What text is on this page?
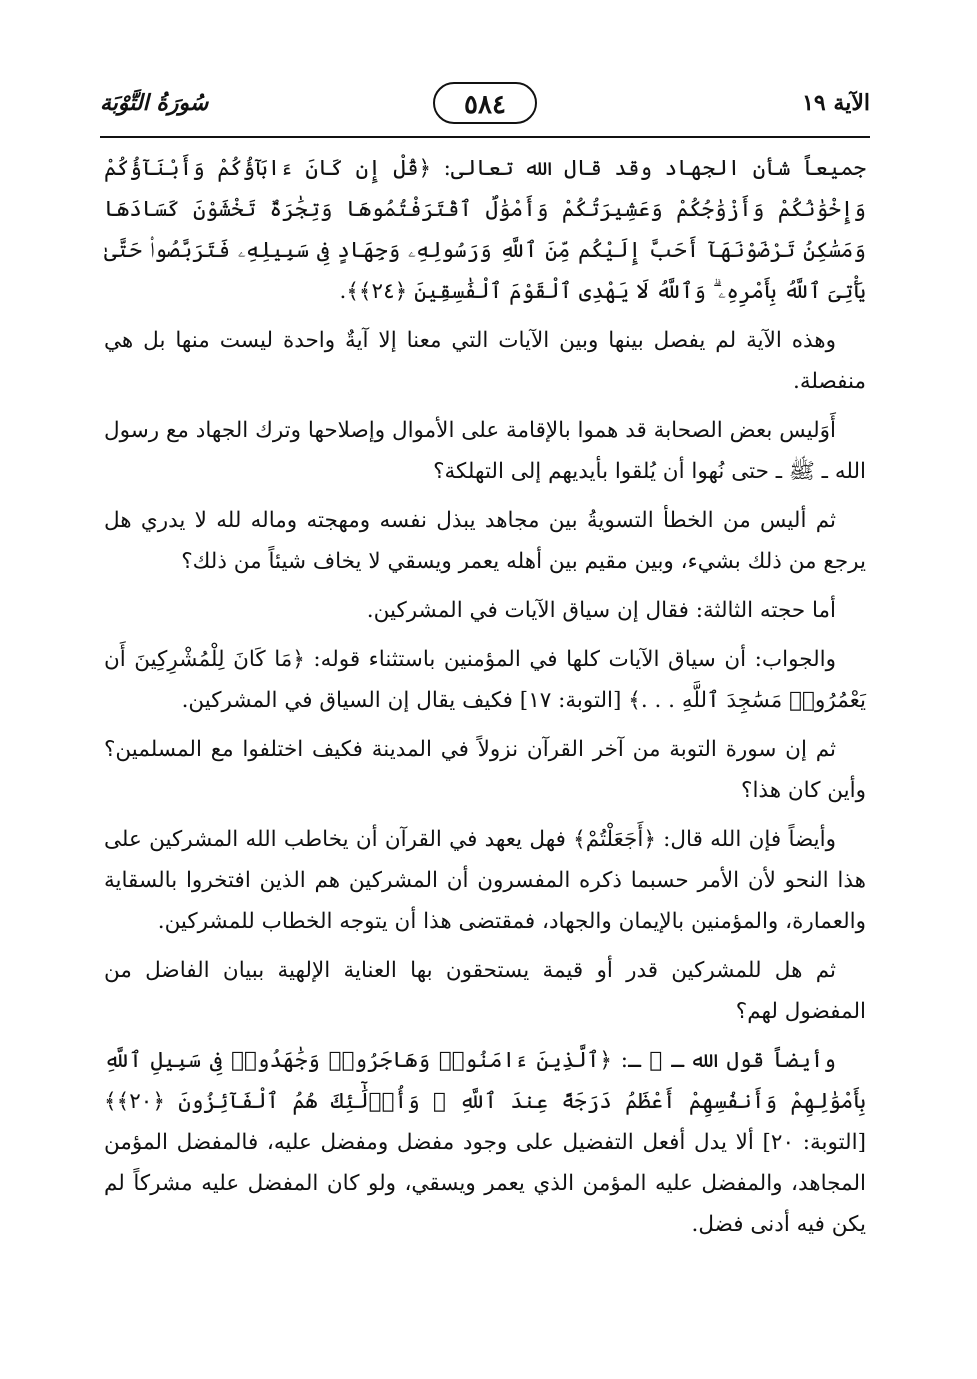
الآية ١٩
٥٨٤
سُورَةُ التَّوْبَة

جميعاً شأن الجهاد وقد قال الله تعالى: ﴿قُلْ إِن كَانَ ءَابَآؤُكُمْ وَأَبْنَآؤُكُمْ وَإِخْوَٰنُكُمْ وَأَزْوَٰجُكُمْ وَعَشِيرَتُكُمْ وَأَمْوَٰلٌ ٱقْتَرَفْتُمُوهَا وَتِجَٰرَةٌ تَخْشَوْنَ كَسَادَهَا وَمَسَٰكِنُ تَرْضَوْنَهَآ أَحَبَّ إِلَيْكُم مِّنَ ٱللَّهِ وَرَسُولِهِۦ وَجِهَادٍ فِى سَبِيلِهِۦ فَتَرَبَّصُوا۟ حَتَّىٰ يَأْتِىَ ٱللَّهُ بِأَمْرِهِۦ ۗ وَٱللَّهُ لَا يَهْدِى ٱلْقَوْمَ ٱلْفَٰسِقِينَ ﴿٢٤﴾﴾.

وهذه الآية لم يفصل بينها وبين الآيات التي معنا إلا آيةٌ واحدة ليست منها بل هي منفصلة.

أَوَليس بعض الصحابة قد هموا بالإقامة على الأموال وإصلاحها وترك الجهاد مع رسول الله ـ ﷺ ـ حتى نُهوا أن يُلقوا بأيديهم إلى التهلكة؟

ثم أليس من الخطأ التسويةُ بين مجاهد يبذل نفسه ومهجته وماله لله لا يدري هل يرجع من ذلك بشيء، وبين مقيم بين أهله يعمر ويسقي لا يخاف شيئاً من ذلك؟

أما حجته الثالثة: فقال إن سياق الآيات في المشركين.

والجواب: أن سياق الآيات كلها في المؤمنين باستثناء قوله: ﴿مَا كَانَ لِلْمُشْرِكِينَ أَن يَعْمُرُوا۟ مَسَٰجِدَ ٱللَّهِ . . .﴾ [التوبة: ١٧] فكيف يقال إن السياق في المشركين.

ثم إن سورة التوبة من آخر القرآن نزولاً في المدينة فكيف اختلفوا مع المسلمين؟ وأين كان هذا؟

وأيضاً فإن الله قال: ﴿أَجَعَلْتُمْ﴾ فهل يعهد في القرآن أن يخاطب الله المشركين على هذا النحو لأن الأمر حسبما ذكره المفسرون أن المشركين هم الذين افتخروا بالسقاية والعمارة، والمؤمنين بالإيمان والجهاد، فمقتضى هذا أن يتوجه الخطاب للمشركين.

ثم هل للمشركين قدر أو قيمة يستحقون بها العناية الإلهية ببيان الفاضل من المفضول لهم؟

وأيضاً قول الله ـ ﷻ ـ: ﴿ٱلَّذِينَ ءَامَنُوا۟ وَهَاجَرُوا۟ وَجَٰهَدُوا۟ فِى سَبِيلِ ٱللَّهِ بِأَمْوَٰلِهِمْ وَأَنفُسِهِمْ أَعْظَمُ دَرَجَةً عِندَ ٱللَّهِ ۚ وَأُو۟لَٰٓئِكَ هُمُ ٱلْفَآئِزُونَ ﴿٢٠﴾﴾ [التوبة: ٢٠] ألا يدل أفعل التفضيل على وجود مفضل ومفضل عليه، فالمفضل المؤمن المجاهد، والمفضل عليه المؤمن الذي يعمر ويسقي، ولو كان المفضل عليه مشركاً لم يكن فيه أدنى فضل.
